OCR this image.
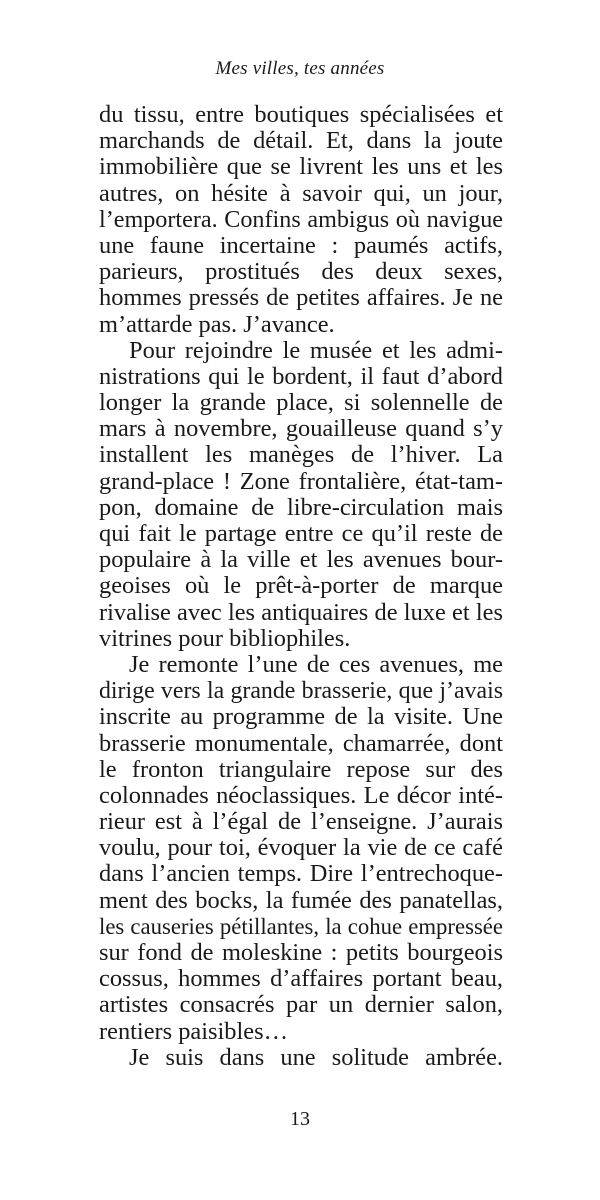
Mes villes, tes années
du tissu, entre boutiques spécialisées et
marchands de détail. Et, dans la joute
immobilière que se livrent les uns et les
autres, on hésite à savoir qui, un jour,
l’emportera. Confins ambigus où navigue
une faune incertaine : paumés actifs,
parieurs, prostitués des deux sexes,
hommes pressés de petites affaires. Je ne
m’attarde pas. J’avance.
Pour rejoindre le musée et les admi-
nistrations qui le bordent, il faut d’abord
longer la grande place, si solennelle de
mars à novembre, gouailleuse quand s’y
installent les manèges de l’hiver. La
grand-place ! Zone frontalière, état-tam-
pon, domaine de libre-circulation mais
qui fait le partage entre ce qu’il reste de
populaire à la ville et les avenues bour-
geoises où le prêt-à-porter de marque
rivalise avec les antiquaires de luxe et les
vitrines pour bibliophiles.
Je remonte l’une de ces avenues, me
dirige vers la grande brasserie, que j’avais
inscrite au programme de la visite. Une
brasserie monumentale, chamarrée, dont
le fronton triangulaire repose sur des
colonnades néoclassiques. Le décor inté-
rieur est à l’égal de l’enseigne. J’aurais
voulu, pour toi, évoquer la vie de ce café
dans l’ancien temps. Dire l’entrechoque-
ment des bocks, la fumée des panatellas,
les causeries pétillantes, la cohue empressée
sur fond de moleskine : petits bourgeois
cossus, hommes d’affaires portant beau,
artistes consacrés par un dernier salon,
rentiers paisibles…
Je suis dans une solitude ambrée.
13
